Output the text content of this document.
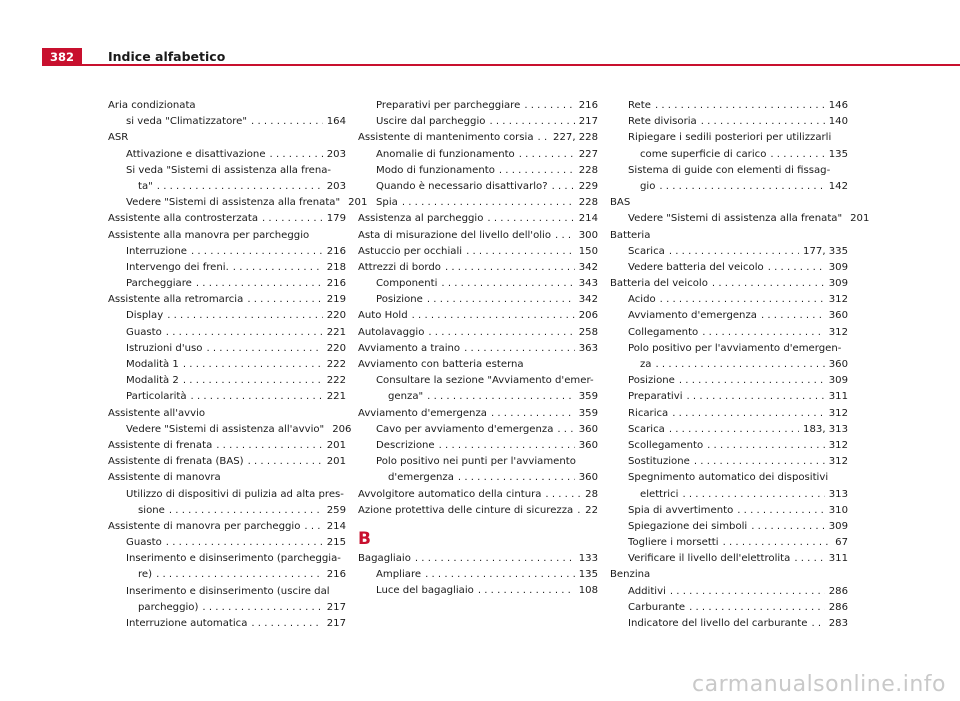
382	Indice alfabetico
Aria condizionata
si veda "Climatizzatore" . . .	164
ASR
Attivazione e disattivazione . . .	203
Si veda "Sistemi di assistenza alla frena-
ta" . . .	203
Vedere "Sistemi di assistenza alla frenata" 201
Assistente alla controsterzata . . .	179
Assistente alla manovra per parcheggio
Interruzione . . .	216
Intervengo dei freni. . . .	218
Parcheggiare . . .	216
Assistente alla retromarcia . . .	219
Display . . .	220
Guasto . . .	221
Istruzioni d'uso . . .	220
Modalità 1 . . .	222
Modalità 2 . . .	222
Particolarità . . .	221
Assistente all'avvio
Vedere "Sistemi di assistenza all'avvio" 206
Assistente di frenata . . .	201
Assistente di frenata (BAS) . . .	201
Assistente di manovra
Utilizzo di dispositivi di pulizia ad alta pres-
sione . . .	259
Assistente di manovra per parcheggio . . .	214
Guasto . . .	215
Inserimento e disinserimento (parcheggia-
re) . . .	216
Inserimento e disinserimento (uscire dal
parcheggio) . . .	217
Interruzione automatica . . .	217
Preparativi per parcheggiare . . .	216
Uscire dal parcheggio . . .	217
Assistente di mantenimento corsia . . . 227, 228
Anomalie di funzionamento . . .	227
Modo di funzionamento . . .	228
Quando è necessario disattivarlo? . . .	229
Spia . . .	228
Assistenza al parcheggio . . .	214
Asta di misurazione del livello dell'olio . . .	300
Astuccio per occhiali . . .	150
Attrezzi di bordo . . .	342
Componenti . . .	343
Posizione . . .	342
Auto Hold . . .	206
Autolavaggio . . .	258
Avviamento a traino . . .	363
Avviamento con batteria esterna
Consultare la sezione "Avviamento d'emer-
genza" . . .	359
Avviamento d'emergenza . . .	359
Cavo per avviamento d'emergenza . . .	360
Descrizione . . .	360
Polo positivo nei punti per l'avviamento
d'emergenza . . .	360
Avvolgitore automatico della cintura . . .	28
Azione protettiva delle cinture di sicurezza . . . 22
B
Bagagliaio . . .	133
Ampliare . . .	135
Luce del bagagliaio . . .	108
Rete . . .	146
Rete divisoria . . .	140
Ripiegare i sedili posteriori per utilizzarli
come superficie di carico . . .	135
Sistema di guide con elementi di fissag-
gio . . .	142
BAS
Vedere "Sistemi di assistenza alla frenata" 201
Batteria
Scarica . . .	177, 335
Vedere batteria del veicolo . . .	309
Batteria del veicolo . . .	309
Acido . . .	312
Avviamento d'emergenza . . .	360
Collegamento . . .	312
Polo positivo per l'avviamento d'emergen-
za . . .	360
Posizione . . .	309
Preparativi . . .	311
Ricarica . . .	312
Scarica . . .	183, 313
Scollegamento . . .	312
Sostituzione . . .	312
Spegnimento automatico dei dispositivi
elettrici . . .	313
Spia di avvertimento . . .	310
Spiegazione dei simboli . . .	309
Togliere i morsetti . . .	67
Verificare il livello dell'elettrolita . . .	311
Benzina
Additivi . . .	286
Carburante . . .	286
Indicatore del livello del carburante . . . 283
carmanualsonline.info
